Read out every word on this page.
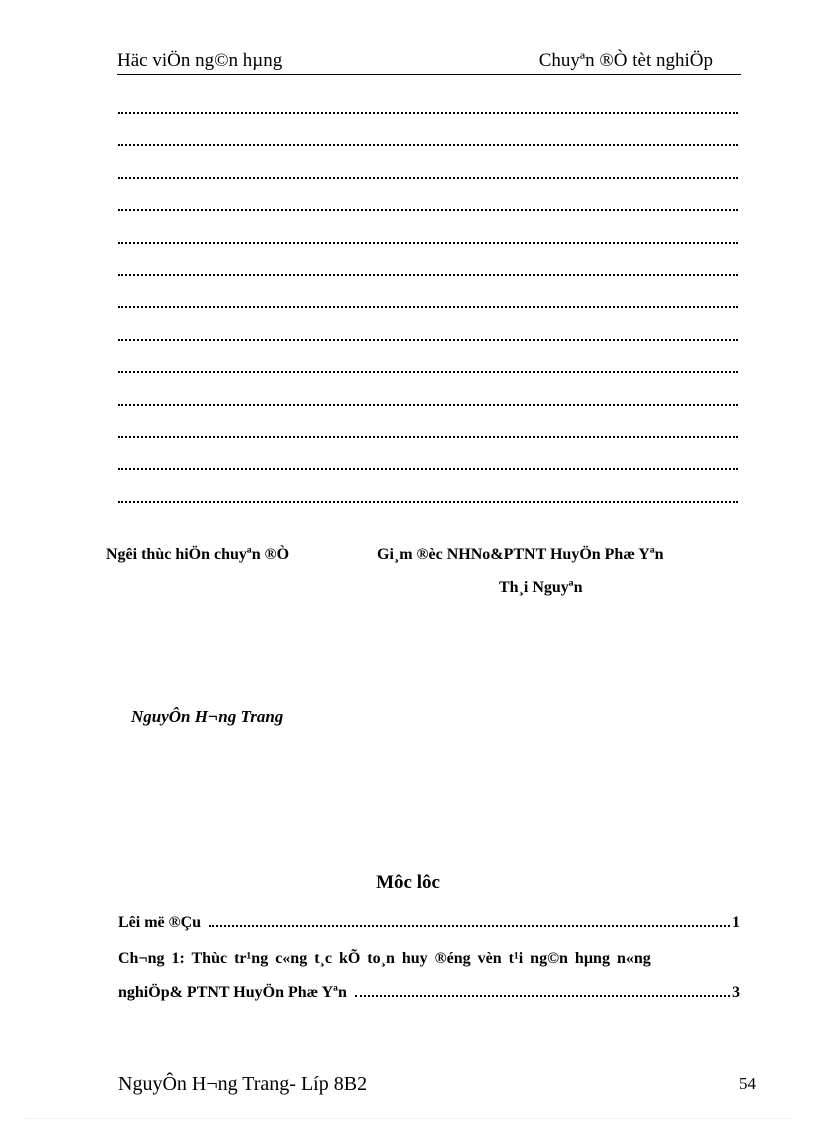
Häc viÖn ng©n hµng	Chuyªn ®Ò tèt nghiÖp
Ngêi thùc hiÖn chuyªn ®Ò	Gi¸m ®èc NHNo&PTNT HuyÖn Phæ Yªn
Th¸i Nguyªn
NguyÔn H¬ng Trang
Môc lôc
Lêi më ®Çu	1
Ch¬ng 1: Thùc tr¹ng c«ng t¸c kÕ to¸n huy ®éng vèn t¹i ng©n hµng n«ng
nghiÖp& PTNT HuyÖn Phæ Yªn	3
NguyÔn H¬ng Trang- Líp 8B2	54
